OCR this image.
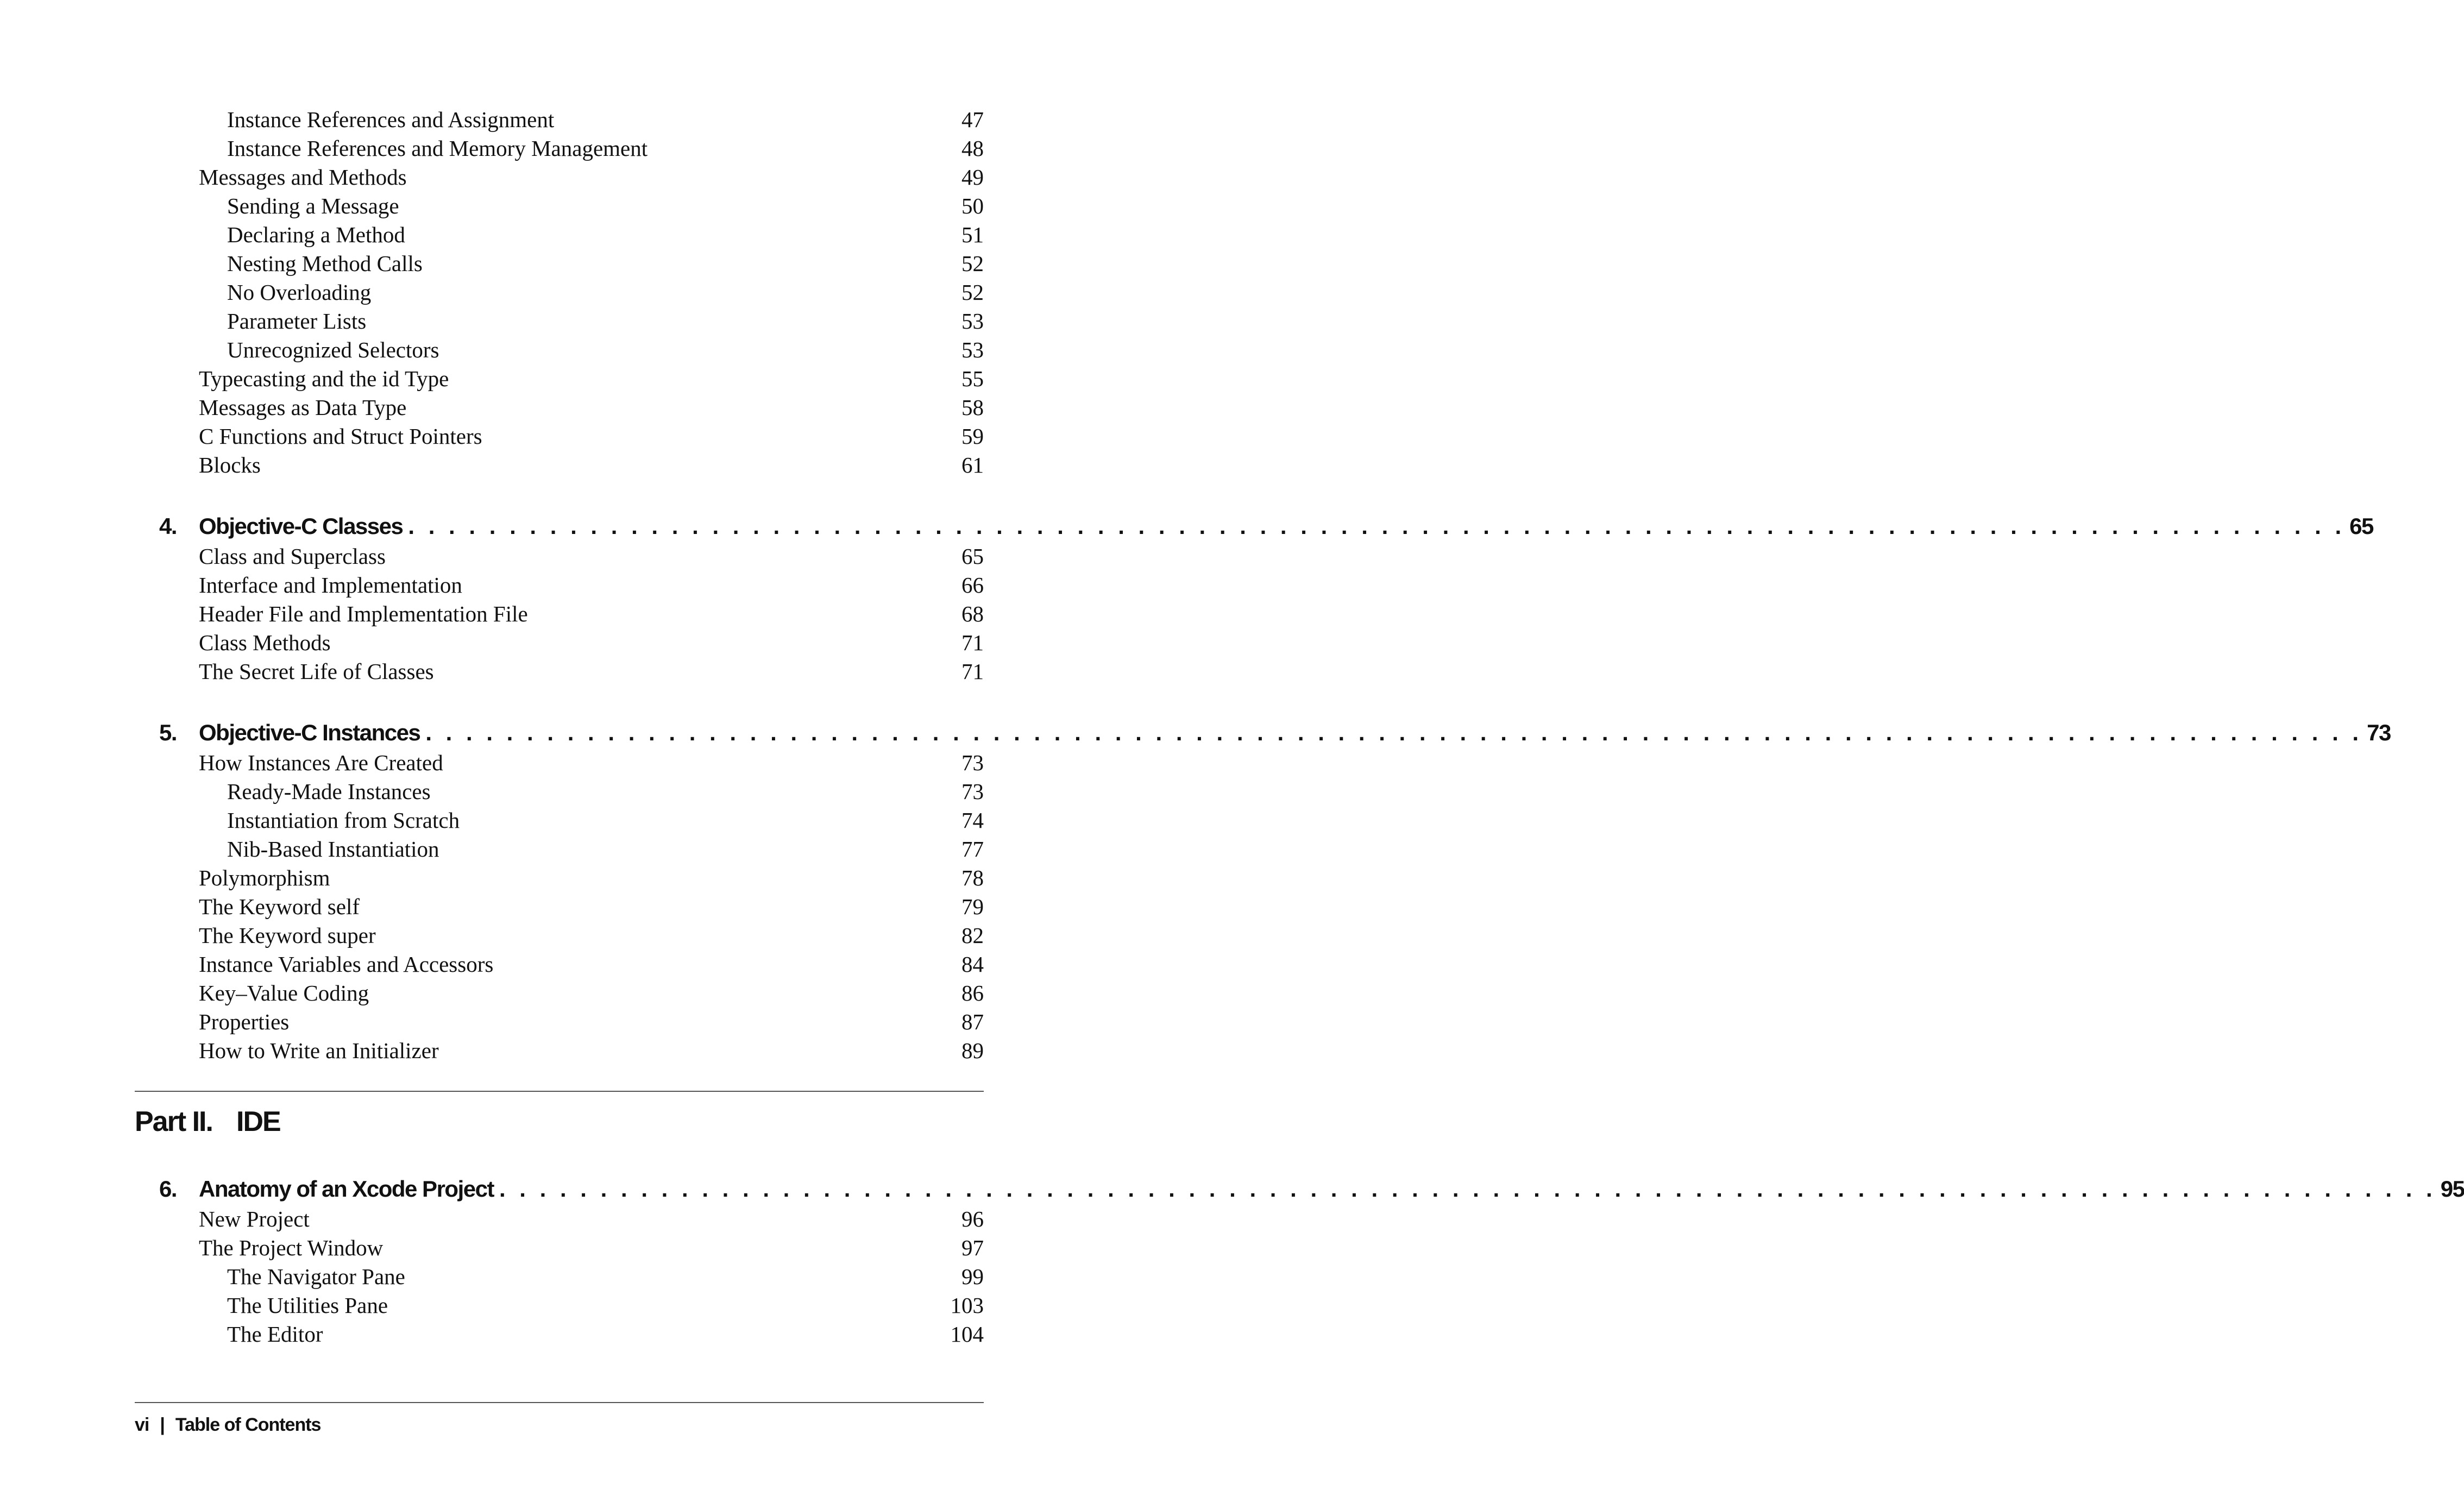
Instance References and Assignment	47
Instance References and Memory Management	48
Messages and Methods	49
Sending a Message	50
Declaring a Method	51
Nesting Method Calls	52
No Overloading	52
Parameter Lists	53
Unrecognized Selectors	53
Typecasting and the id Type	55
Messages as Data Type	58
C Functions and Struct Pointers	59
Blocks	61
4. Objective-C Classes . . . . . . . . . . . . . . . . . . . . . . . . . . . . . . . . . . . . . . . . . . . . . . . . . . . . . . . . . . . . . . . . . . . . . . . . . . . . . . . . . . . . . . . . . . . . . . . . 65
Class and Superclass	65
Interface and Implementation	66
Header File and Implementation File	68
Class Methods	71
The Secret Life of Classes	71
5. Objective-C Instances . . . . . . . . . . . . . . . . . . . . . . . . . . . . . . . . . . . . . . . . . . . . . . . . . . . . . . . . . . . . . . . . . . . . . . . . . . . . . . . . . . . . . . . . . . . . . . . . 73
How Instances Are Created	73
Ready-Made Instances	73
Instantiation from Scratch	74
Nib-Based Instantiation	77
Polymorphism	78
The Keyword self	79
The Keyword super	82
Instance Variables and Accessors	84
Key–Value Coding	86
Properties	87
How to Write an Initializer	89
Part II. IDE
6. Anatomy of an Xcode Project . . . . . . . . . . . . . . . . . . . . . . . . . . . . . . . . . . . . . . . . . . . . . . . . . . . . . . . . . . . . . . . . . . . . . . . . . . . . . . . . . . . . . . . . . . . . . . . . 95
New Project	96
The Project Window	97
The Navigator Pane	99
The Utilities Pane	103
The Editor	104
vi | Table of Contents
